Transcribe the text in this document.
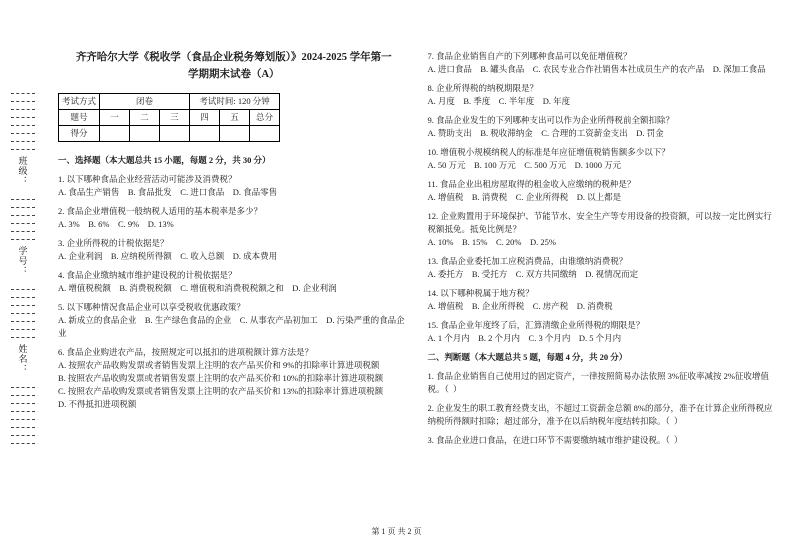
班级：
学号：
姓名：
齐齐哈尔大学《税收学（食品企业税务筹划版）》2024-2025 学年第一
学期期末试卷（A）
考试方式	闭卷			考试时间: 120 分钟		
题号	一	二	三	四	五	总分
得分						
一、选择题（本大题总共 15 小题，每题 2 分，共 30 分）
1. 以下哪种食品企业经营活动可能涉及消费税？
A. 食品生产销售    B. 食品批发    C. 进口食品    D. 食品零售
2. 食品企业增值税一般纳税人适用的基本税率是多少？
A. 3%    B. 6%    C. 9%    D. 13%
3. 企业所得税的计税依据是？
A. 企业利润    B. 应纳税所得额    C. 收入总额    D. 成本费用
4. 食品企业缴纳城市维护建设税的计税依据是？
A. 增值税税额    B. 消费税税额    C. 增值税和消费税税额之和    D. 企业利润
5. 以下哪种情况食品企业可以享受税收优惠政策？
A. 新成立的食品企业    B. 生产绿色食品的企业    C. 从事农产品初加工    D. 污染严重的食品企业
6. 食品企业购进农产品，按照规定可以抵扣的进项税额计算方法是？
A. 按照农产品收购发票或者销售发票上注明的农产品买价和 9%的扣除率计算进项税额
B. 按照农产品收购发票或者销售发票上注明的农产品买价和 10%的扣除率计算进项税额
C. 按照农产品收购发票或者销售发票上注明的农产品买价和 13%的扣除率计算进项税额
D. 不得抵扣进项税额
7. 食品企业销售自产的下列哪种食品可以免征增值税？
A. 进口食品    B. 罐头食品    C. 农民专业合作社销售本社成员生产的农产品    D. 深加工食品
8. 企业所得税的纳税期限是？
A. 月度    B. 季度    C. 半年度    D. 年度
9. 食品企业发生的下列哪种支出可以作为企业所得税前全额扣除？
A. 赞助支出    B. 税收滞纳金    C. 合理的工资薪金支出    D. 罚金
10. 增值税小规模纳税人的标准是年应征增值税销售额多少以下？
A. 50 万元    B. 100 万元    C. 500 万元    D. 1000 万元
11. 食品企业出租房屋取得的租金收入应缴纳的税种是？
A. 增值税    B. 消费税    C. 企业所得税    D. 以上都是
12. 企业购置用于环境保护、节能节水、安全生产等专用设备的投资额，可以按一定比例实行税额抵免。抵免比例是？
A. 10%    B. 15%    C. 20%    D. 25%
13. 食品企业委托加工应税消费品，由谁缴纳消费税？
A. 委托方    B. 受托方    C. 双方共同缴纳    D. 视情况而定
14. 以下哪种税属于地方税？
A. 增值税    B. 企业所得税    C. 房产税    D. 消费税
15. 食品企业年度终了后，汇算清缴企业所得税的期限是？
A. 1 个月内    B. 2 个月内    C. 3 个月内    D. 5 个月内
二、判断题（本大题总共 5 题，每题 4 分，共 20 分）
1. 食品企业销售自己使用过的固定资产，一律按照简易办法依照 3%征收率减按 2%征收增值税。（  ）
2. 企业发生的职工教育经费支出，不超过工资薪金总额 8%的部分，准予在计算企业所得税应纳税所得额时扣除；超过部分，准予在以后纳税年度结转扣除。（  ）
3. 食品企业进口食品，在进口环节不需要缴纳城市维护建设税。（  ）
第 1 页 共 2 页
